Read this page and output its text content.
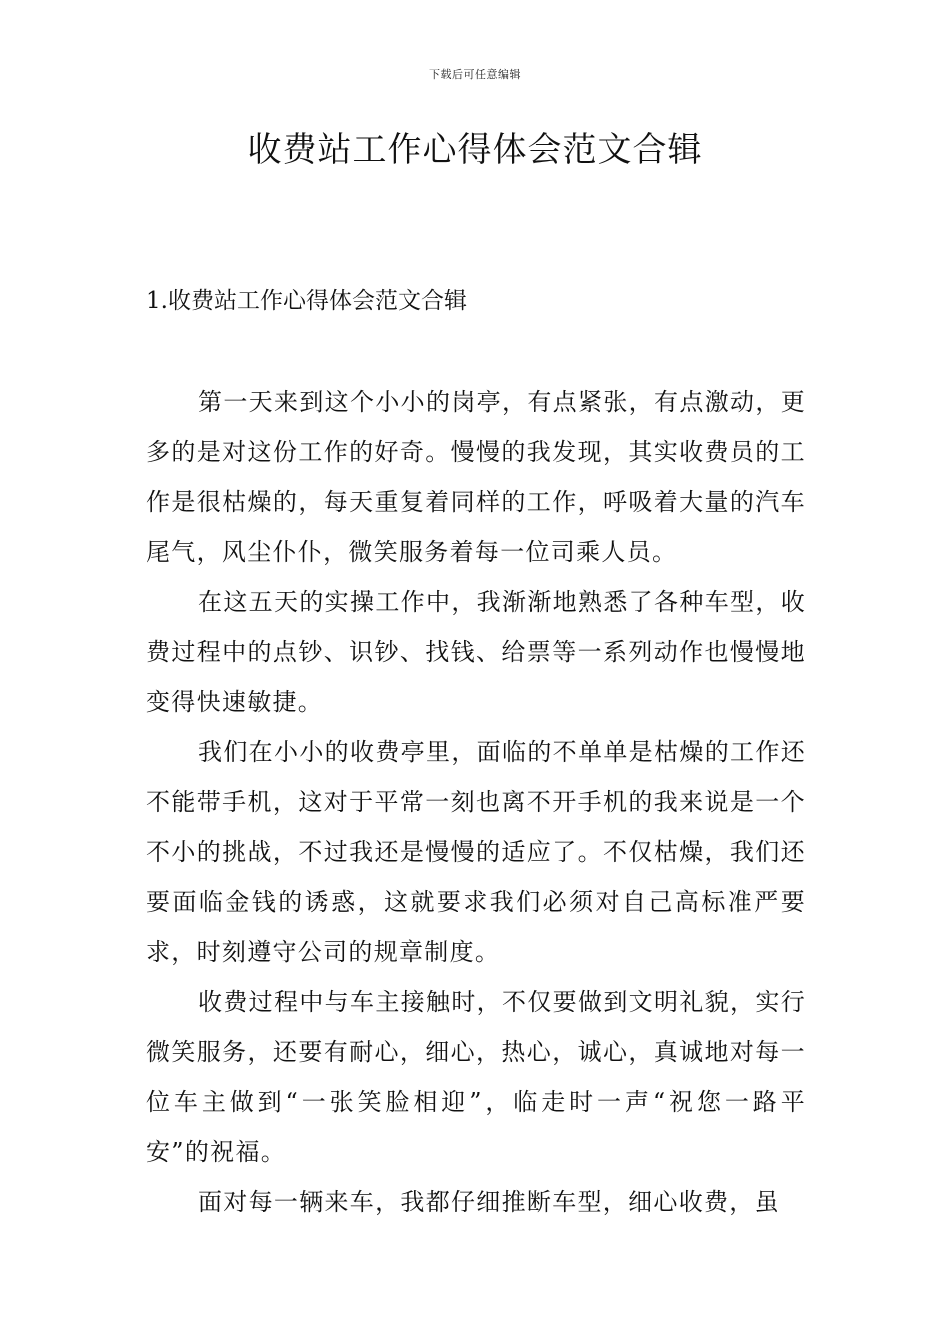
下载后可任意编辑
收费站工作心得体会范文合辑
1.收费站工作心得体会范文合辑

第一天来到这个小小的岗亭，有点紧张，有点激动，更多的是对这份工作的好奇。慢慢的我发现，其实收费员的工作是很枯燥的，每天重复着同样的工作，呼吸着大量的汽车尾气，风尘仆仆，微笑服务着每一位司乘人员。

在这五天的实操工作中，我渐渐地熟悉了各种车型，收费过程中的点钞、识钞、找钱、给票等一系列动作也慢慢地变得快速敏捷。

我们在小小的收费亭里，面临的不单单是枯燥的工作还不能带手机，这对于平常一刻也离不开手机的我来说是一个不小的挑战，不过我还是慢慢的适应了。不仅枯燥，我们还要面临金钱的诱惑，这就要求我们必须对自己高标准严要求，时刻遵守公司的规章制度。

收费过程中与车主接触时，不仅要做到文明礼貌，实行微笑服务，还要有耐心，细心，热心，诚心，真诚地对每一位车主做到“一张笑脸相迎”，临走时一声“祝您一路平安”的祝福。

面对每一辆来车，我都仔细推断车型，细心收费，虽
